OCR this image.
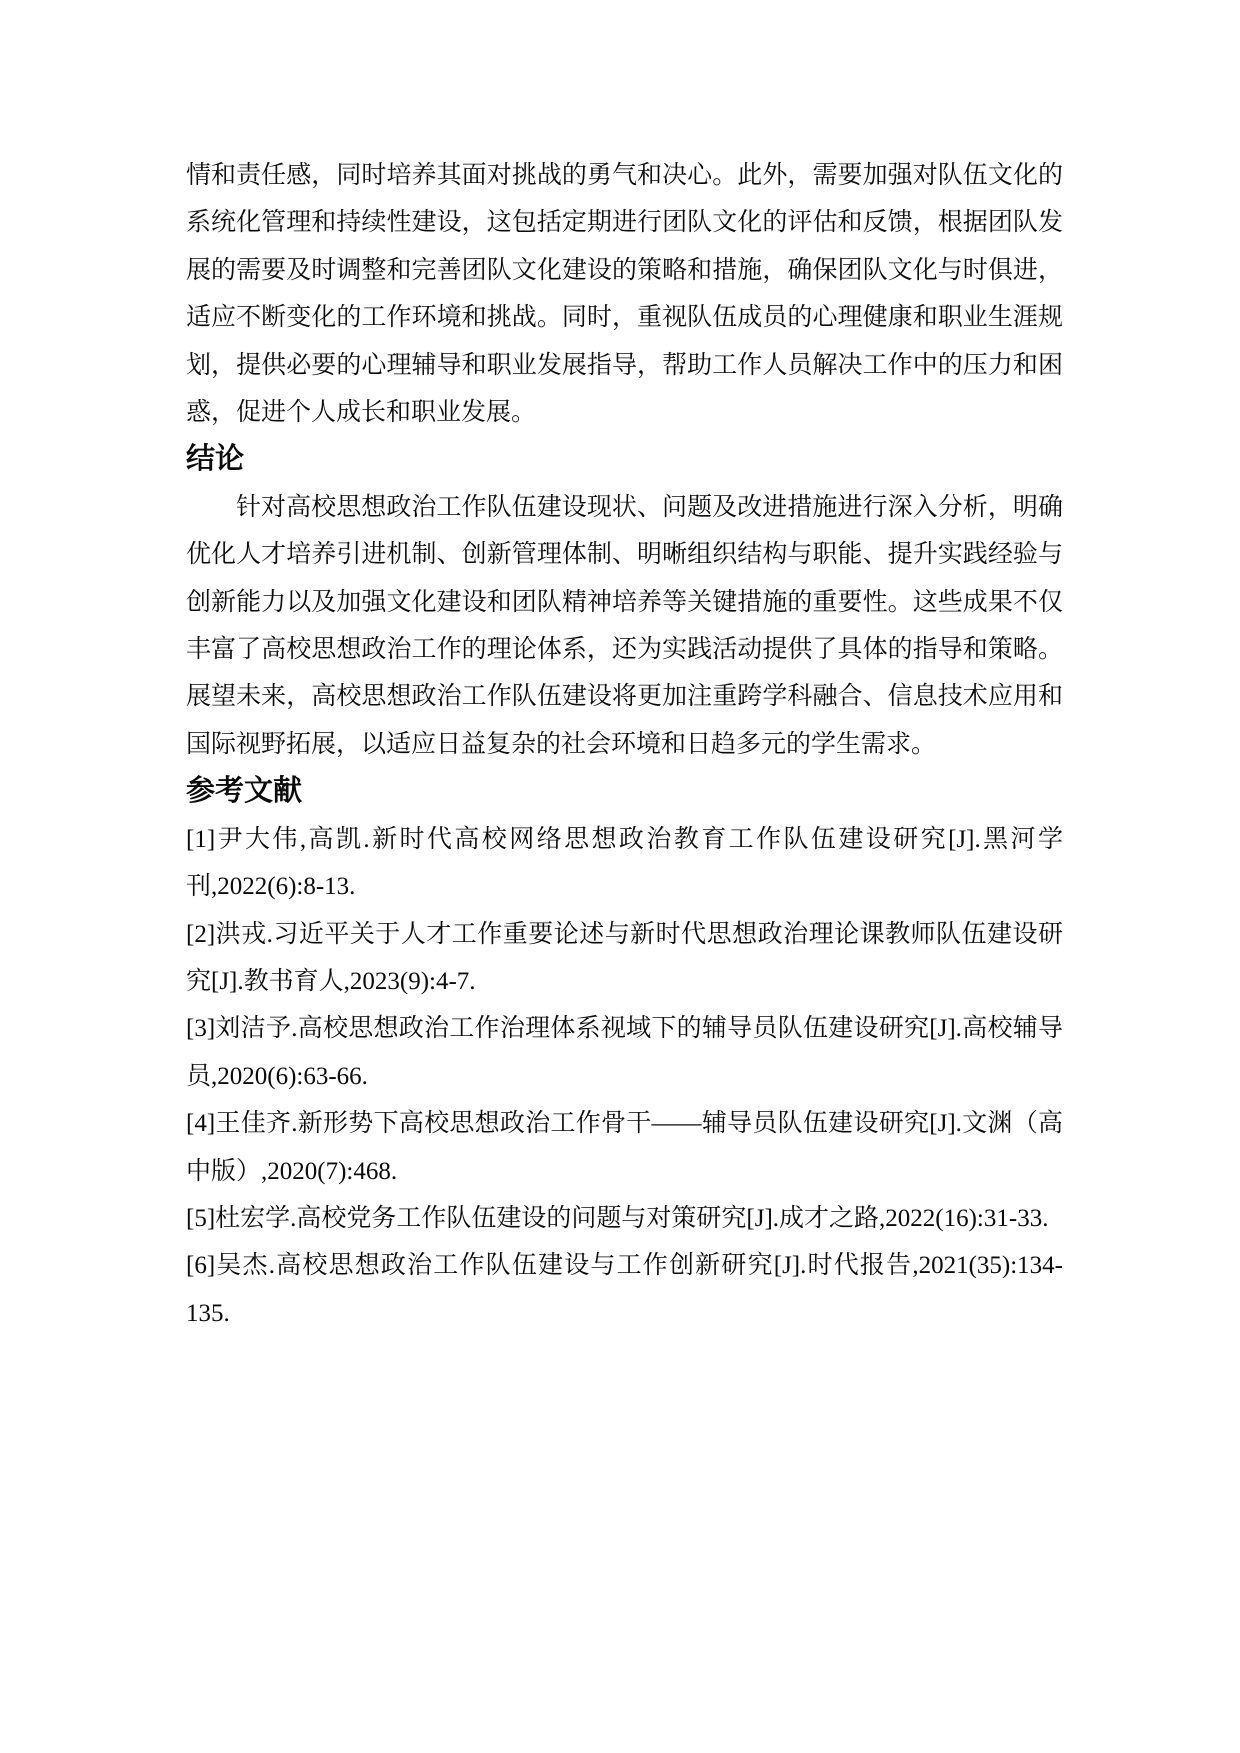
情和责任感，同时培养其面对挑战的勇气和决心。此外，需要加强对队伍文化的系统化管理和持续性建设，这包括定期进行团队文化的评估和反馈，根据团队发展的需要及时调整和完善团队文化建设的策略和措施，确保团队文化与时俱进，适应不断变化的工作环境和挑战。同时，重视队伍成员的心理健康和职业生涯规划，提供必要的心理辅导和职业发展指导，帮助工作人员解决工作中的压力和困惑，促进个人成长和职业发展。

结论

针对高校思想政治工作队伍建设现状、问题及改进措施进行深入分析，明确优化人才培养引进机制、创新管理体制、明晰组织结构与职能、提升实践经验与创新能力以及加强文化建设和团队精神培养等关键措施的重要性。这些成果不仅丰富了高校思想政治工作的理论体系，还为实践活动提供了具体的指导和策略。展望未来，高校思想政治工作队伍建设将更加注重跨学科融合、信息技术应用和国际视野拓展，以适应日益复杂的社会环境和日趋多元的学生需求。

参考文献

[1]尹大伟,高凯.新时代高校网络思想政治教育工作队伍建设研究[J].黑河学刊,2022(6):8-13.

[2]洪戎.习近平关于人才工作重要论述与新时代思想政治理论课教师队伍建设研究[J].教书育人,2023(9):4-7.

[3]刘洁予.高校思想政治工作治理体系视域下的辅导员队伍建设研究[J].高校辅导员,2020(6):63-66.

[4]王佳齐.新形势下高校思想政治工作骨干——辅导员队伍建设研究[J].文渊（高中版）,2020(7):468.

[5]杜宏学.高校党务工作队伍建设的问题与对策研究[J].成才之路,2022(16):31-33.

[6]吴杰.高校思想政治工作队伍建设与工作创新研究[J].时代报告,2021(35):134-135.
